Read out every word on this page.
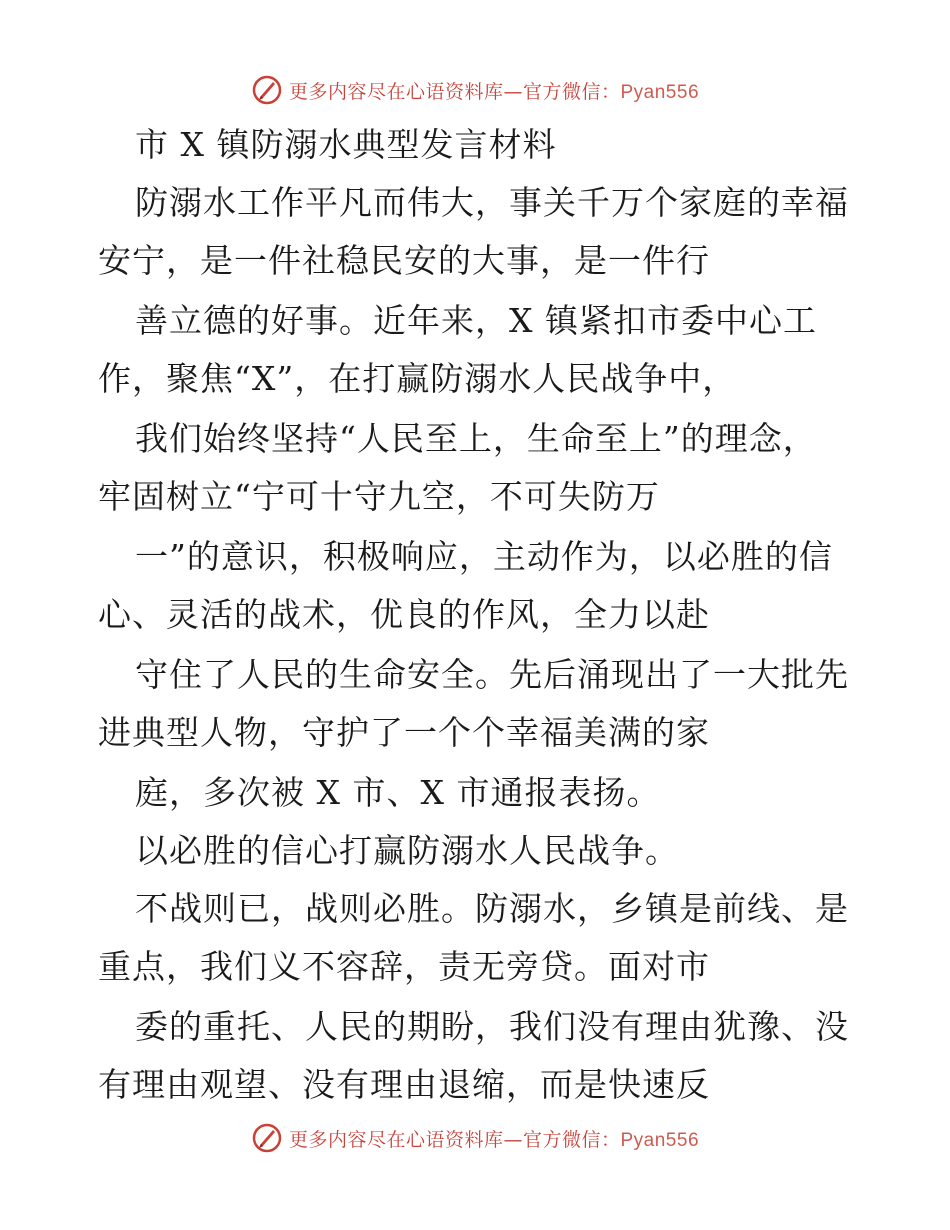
更多内容尽在心语资料库—官方微信：Pyan556
市 X 镇防溺水典型发言材料
防溺水工作平凡而伟大，事关千万个家庭的幸福
安宁，是一件社稳民安的大事，是一件行
善立德的好事。近年来，X 镇紧扣市委中心工
作，聚焦“X”，在打赢防溺水人民战争中，
我们始终坚持“人民至上，生命至上”的理念，
牢固树立“宁可十守九空，不可失防万
一”的意识，积极响应，主动作为，以必胜的信
心、灵活的战术，优良的作风，全力以赴
守住了人民的生命安全。先后涌现出了一大批先
进典型人物，守护了一个个幸福美满的家
庭，多次被 X 市、X 市通报表扬。
以必胜的信心打赢防溺水人民战争。
不战则已，战则必胜。防溺水，乡镇是前线、是
重点，我们义不容辞，责无旁贷。面对市
委的重托、人民的期盼，我们没有理由犹豫、没
有理由观望、没有理由退缩，而是快速反
更多内容尽在心语资料库—官方微信：Pyan556
